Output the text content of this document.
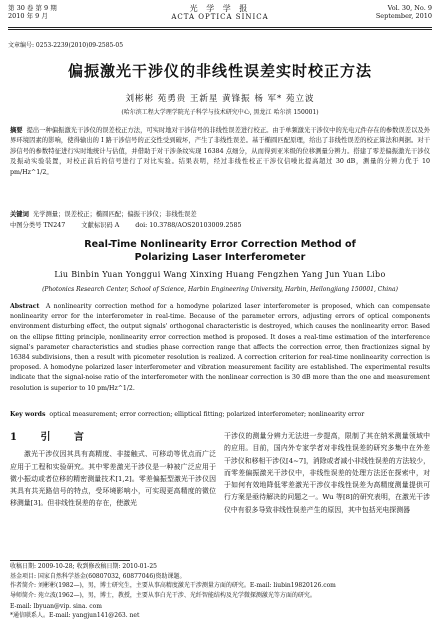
第 30 卷 第 9 期
2010 年 9 月
光 学 学 报
ACTA OPTICA SINICA
Vol. 30, No. 9
September, 2010
文章编号: 0253-2239(2010)09-2585-05
偏振激光干涉仪的非线性误差实时校正方法
刘彬彬 苑勇贵 王新星 黄锋振 杨 军* 苑立波
(哈尔滨工程大学理学院光子科学与技术研究中心, 黑龙江 哈尔滨 150001)
摘要 提出一种偏振激光干涉仪的误差校正方法，可实时地对干涉信号的非线性误差进行校正。由于单频激光干涉仪中的光电元件存在的参数误差以及外界环境因素的影响，使得输出的 I 路干涉信号的正交性受到破坏，产生了非线性误差。基于椭圆匹配原理，给出了非线性误差的校正算法和判据。对干涉信号的参数特征进行实时地统计与估值，并借助于对干涉条纹实现 16384 点细分，从而得到亚米级的位移测量分辨力。搭建了零差偏振激光干涉仪及振动实验装置，对校正前后的信号进行了对比实验。结果表明，经过非线性校正干涉仪信噪比提高超过 30 dB，测量的分辨力优于 10 pm/Hz^1/2。
关键词 光学测量；误差校正；椭圆匹配；偏振干涉仪；非线性误差
中图分类号 TN247	文献标识码 A	doi: 10.3788/AOS20103009.2585
Real-Time Nonlinearity Error Correction Method of
Polarizing Laser Interferometer
Liu Binbin Yuan Yonggui Wang Xinxing Huang Fengzhen Yang Jun Yuan Libo
(Photonics Research Center, School of Science, Harbin Engineering University, Harbin, Heilongjiang 150001, China)
Abstract A nonlinearity correction method for a homodyne polarized laser interferometer is proposed, which can compensate nonlinearity error for the interferometer in real-time. Because of the parameter errors, adjusting errors of optical components environment disturbing effect, the output signals' orthogonal characteristic is destroyed, which causes the nonlinearity error. Based on the ellipse fitting principle, nonlinearity error correction method is proposed. It doses a real-time estimation of the interference signal's parameter characteristics and studies phase correction range that affects the correction error, then fractionizes signal by 16384 subdivisions, then a result with picometer resolution is realized. A correction criterion for real-time nonlinearity correction is proposed. A homodyne polarized laser interferometer and vibration measurement facility are established. The experimental results indicate that the signal-noise ratio of the interferometer with the nonlinear correction is 30 dB more than the one and measurement resolution is superior to 10 pm/Hz^1/2.
Key words optical measurement; error correction; elliptical fitting; polarized interferometer; nonlinearity error
1 引 言
激光干涉仪因其具有高精度、非接触式、可移动等优点而广泛应用于工程和实验研究。其中零差激光干涉仪是一种被广泛应用于微小振动或者位移的精密测量技术[1,2]。零差偏振型激光干涉仪因其具有共光路信号的特点，受环境影响小，可实现更高精度的微位移测量[3]。但非线性误差的存在，使激光
干涉仪的测量分辨力无法进一步提高，限制了其在纳米测量领域中的应用。目前，国内外专家学者对非线性误差的研究多集中在外差干涉仪和移相干涉仪[4~7]，消除或者减小非线性误差的方法较少，而零差偏振激光干涉仪中，非线性误差的处理方法还在探索中，对于如何有效地降低零差激光干涉仪非线性误差为高精度测量提供可行方案是亟待解决的问题之一。Wu 等[8]的研究表明，在激光干涉仪中有很多导致非线性误差产生的原因，其中包括光电探测器
收稿日期: 2009-10-28; 收到修改稿日期: 2010-01-25
基金项目: 国家自然科学基金(60807032, 60877046)资助课题。
作者简介: 刘彬彬(1982—)，男，博士研究生，主要从事高精度激光干涉测量方面的研究。E-mail: liubin19820126.com
导师简介: 苑立波(1962—)，男，博士，教授，主要从事白光干涉、光纤智能结构及光学微探测激光等方面的研究。
E-mail: lbyuan@vip. sina. com
*通信联系人。E-mail: yangjun141@263. net
